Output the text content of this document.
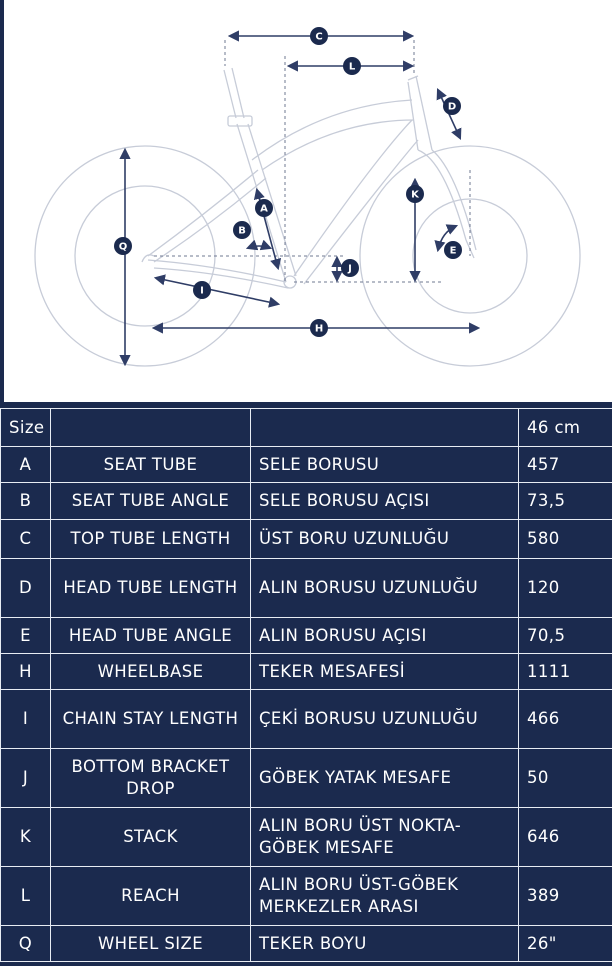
C
L
D
K
A
B
E
J
Q
I
H
Size			46 cm
A	SEAT TUBE	SELE BORUSU	457
B	SEAT TUBE ANGLE	SELE BORUSU AÇISI	73,5
C	TOP TUBE LENGTH	ÜST BORU UZUNLUĞU	580
D	HEAD TUBE LENGTH	ALIN BORUSU UZUNLUĞU	120
E	HEAD TUBE ANGLE	ALIN BORUSU AÇISI	70,5
H	WHEELBASE	TEKER MESAFESİ	1111
I	CHAIN STAY LENGTH	ÇEKİ BORUSU UZUNLUĞU	466
J	BOTTOM BRACKET DROP	GÖBEK YATAK MESAFE	50
K	STACK	ALIN BORU ÜST NOKTA-GÖBEK MESAFE	646
L	REACH	ALIN BORU ÜST-GÖBEK MERKEZLER ARASI	389
Q	WHEEL SIZE	TEKER BOYU	26"
